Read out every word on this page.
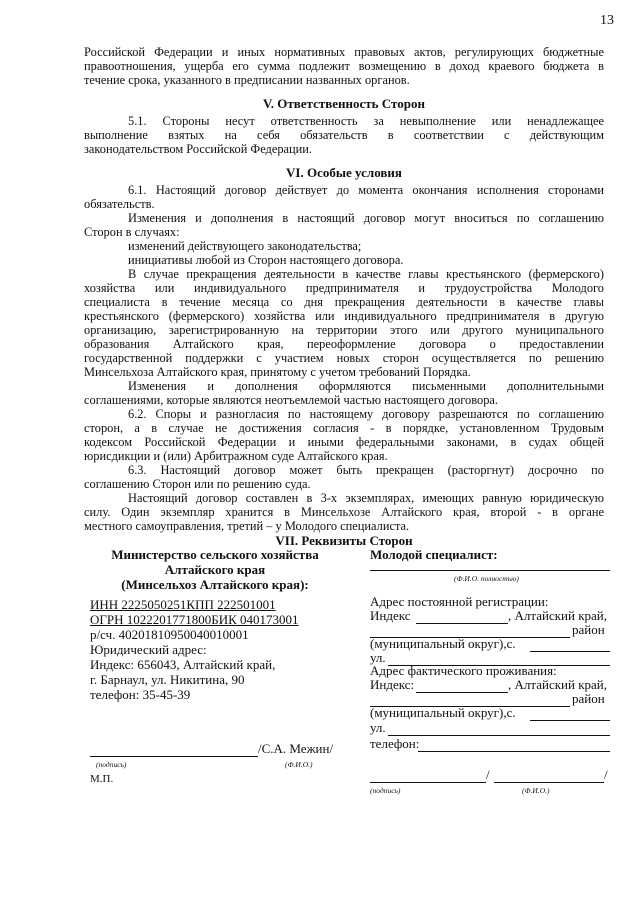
13
Российской Федерации и иных нормативных правовых актов, регулирующих бюджетные
правоотношения, ущерба его сумма подлежит возмещению в доход краевого бюджета в
течение срока, указанного в предписании названных органов.
V. Ответственность Сторон
5.1. Стороны несут ответственность за невыполнение или ненадлежащее
выполнение взятых на себя обязательств в соответствии с действующим
законодательством Российской Федерации.
VI. Особые условия
6.1. Настоящий договор действует до момента окончания исполнения сторонами
обязательств.
Изменения и дополнения в настоящий договор могут вноситься по соглашению
Сторон в случаях:
изменений действующего законодательства;
инициативы любой из Сторон настоящего договора.
В случае прекращения деятельности в качестве главы крестьянского (фермерского)
хозяйства или индивидуального предпринимателя и трудоустройства Молодого
специалиста в течение месяца со дня прекращения деятельности в качестве главы
крестьянского (фермерского) хозяйства или индивидуального предпринимателя в другую
организацию, зарегистрированную на территории этого или другого муниципального
образования Алтайского края, переоформление договора о предоставлении
государственной поддержки с участием новых сторон осуществляется по решению
Минсельхоза Алтайского края, принятому с учетом требований Порядка.
Изменения и дополнения оформляются письменными дополнительными
соглашениями, которые являются неотъемлемой частью настоящего договора.
6.2. Споры и разногласия по настоящему договору разрешаются по соглашению
сторон, а в случае не достижения согласия - в порядке, установленном Трудовым
кодексом Российской Федерации и иными федеральными законами, в судах общей
юрисдикции и (или) Арбитражном суде Алтайского края.
6.3. Настоящий договор может быть прекращен (расторгнут) досрочно по
соглашению Сторон или по решению суда.
Настоящий договор составлен в 3-х экземплярах, имеющих равную юридическую
силу. Один экземпляр хранится в Минсельхозе Алтайского края, второй - в органе
местного самоуправления, третий – у Молодого специалиста.
VII. Реквизиты Сторон
Министерство сельского хозяйства
Алтайского края
(Минсельхоз Алтайского края):
ИНН 2225050251КПП 222501001
ОГРН 1022201771800БИК 040173001
р/сч. 40201810950040010001
Юридический адрес:
Индекс: 656043, Алтайский край,
г. Барнаул, ул. Никитина, 90
телефон: 35-45-39
/С.А. Межин/
(подпись)	(Ф.И.О.)
М.П.
Молодой специалист:
(Ф.И.О. полностью)
Адрес постоянной регистрации:
Индекс	, Алтайский край,
район
(муниципальный округ),с.
ул.
Адрес фактического проживания:
Индекс:	, Алтайский край,
район
(муниципальный округ),с.
ул.
телефон:
/	/
(подпись)	(Ф.И.О.)
